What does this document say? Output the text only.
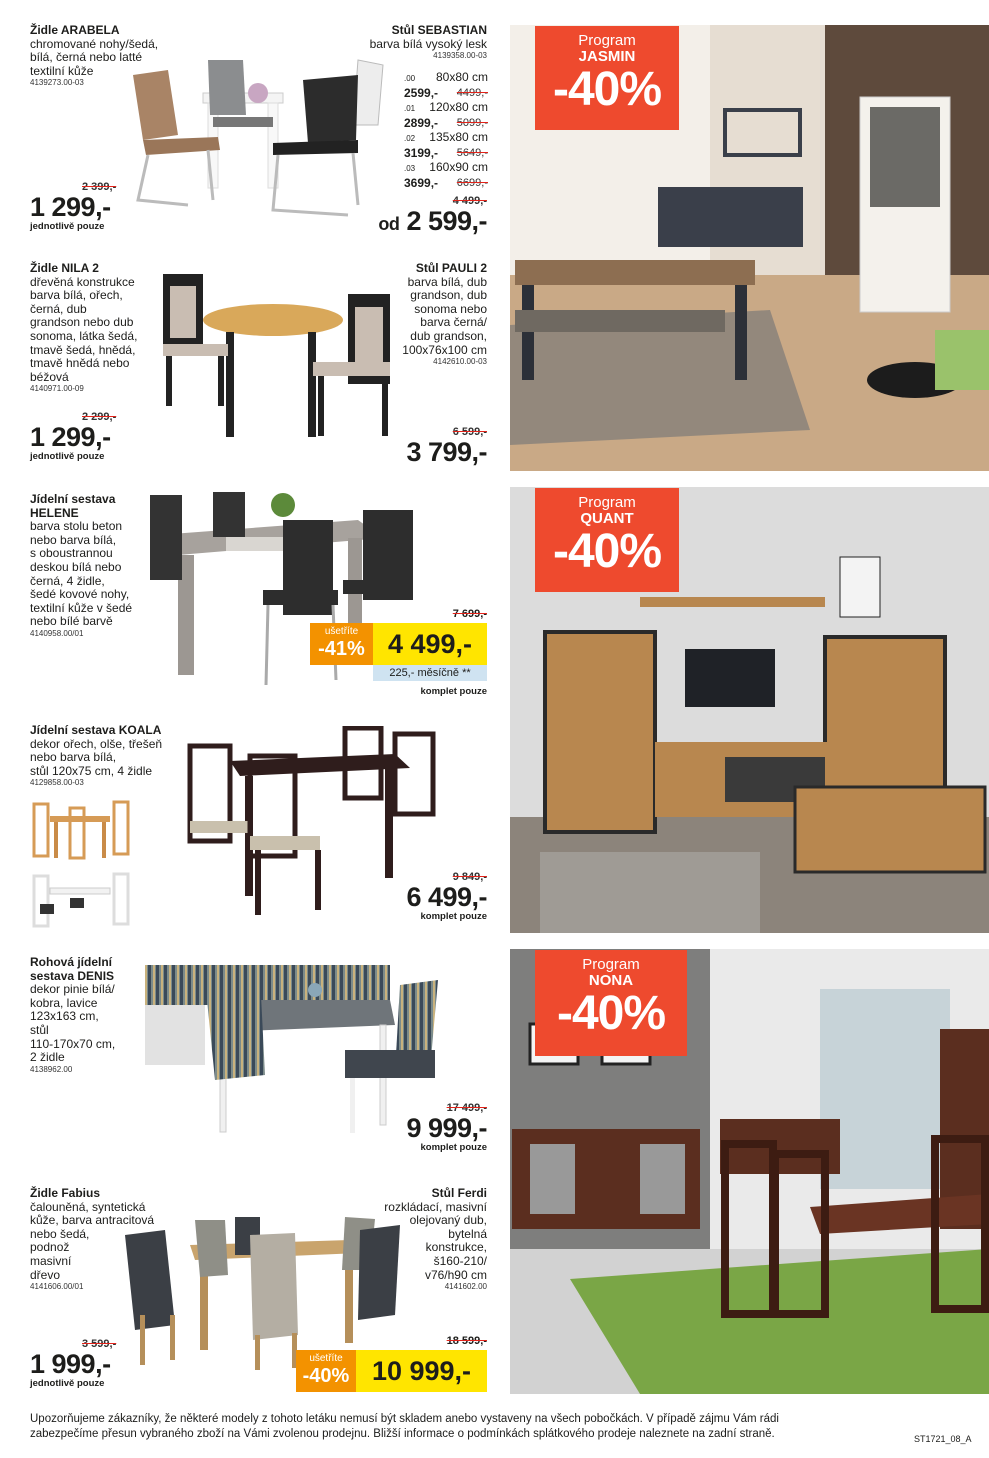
Židle ARABELA
chromované nohy/šedá,
bílá, černá nebo latté
textilní kůže
4139273.00-03
Stůl SEBASTIAN
barva bílá vysoký lesk
4139358.00-03
.00 80x80 cm
2599,- 4499,-
.01 120x80 cm
2899,- 5099,-
.02 135x80 cm
3199,- 5649,-
.03 160x90 cm
3699,- 6699,-
2 399,-
1 299,-
jednotlivě pouze
4 499,-
od 2 599,-
Židle NILA 2
dřevěná konstrukce
barva bílá, ořech,
černá, dub
grandson nebo dub
sonoma, látka šedá,
tmavě šedá, hnědá,
tmavě hnědá nebo
béžová
4140971.00-09
Stůl PAULI 2
barva bílá, dub
grandson, dub
sonoma nebo
barva černá/
dub grandson,
100x76x100 cm
4142610.00-03
2 299,-
1 299,-
jednotlivě pouze
6 599,-
3 799,-
Jídelní sestava
HELENE
barva stolu beton
nebo barva bílá,
s oboustrannou
deskou bílá nebo
černá, 4 židle,
šedé kovové nohy,
textilní kůže v šedé
nebo bílé barvě
4140958.00/01
7 699,-
ušetříte
-41% 4 499,-
225,- měsíčně **
komplet pouze
Jídelní sestava KOALA
dekor ořech, olše, třešeň
nebo barva bílá,
stůl 120x75 cm, 4 židle
4129858.00-03
9 849,-
6 499,-
komplet pouze
Rohová jídelní
sestava DENIS
dekor pinie bílá/
kobra, lavice
123x163 cm,
stůl
110-170x70 cm,
2 židle
4138962.00
17 499,-
9 999,-
komplet pouze
Židle Fabius
čalouněná, syntetická
kůže, barva antracitová
nebo šedá,
podnož
masivní
dřevo
4141606.00/01
Stůl Ferdi
rozkládací, masivní
olejovaný dub,
bytelná
konstrukce,
š160-210/
v76/h90 cm
4141602.00
3 599,-
1 999,-
jednotlivě pouze
18 599,-
ušetříte
-40% 10 999,-
Program
JASMIN
-40%
Program
QUANT
-40%
Program
NONA
-40%
Upozorňujeme zákazníky, že některé modely z tohoto letáku nemusí být skladem anebo vystaveny na všech pobočkách. V případě zájmu Vám rádi
zabezpečíme přesun vybraného zboží na Vámi zvolenou prodejnu. Bližší informace o podmínkách splátkového prodeje naleznete na zadní straně.	ST1721_08_A
